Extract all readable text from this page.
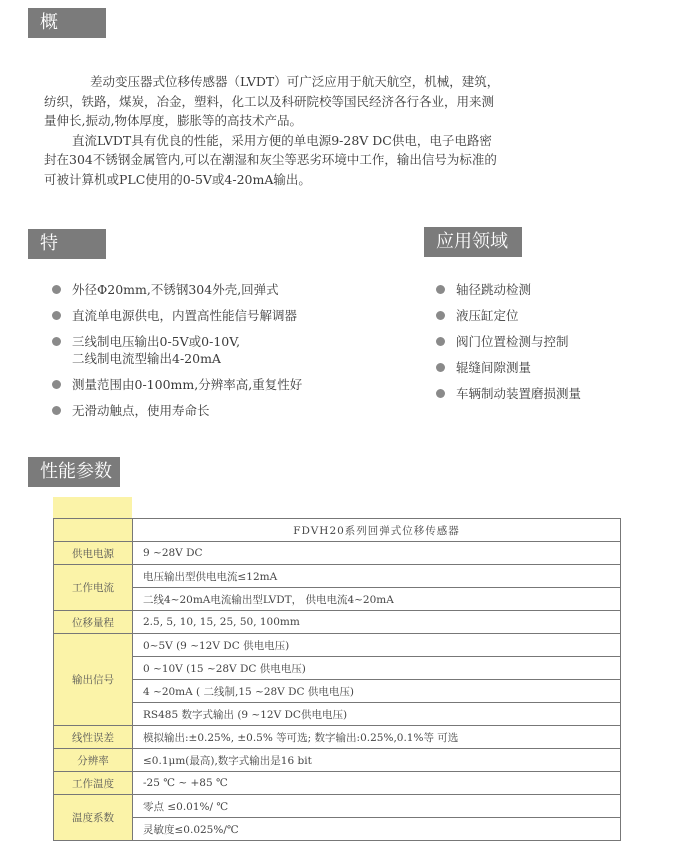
概述

差动变压器式位移传感器（LVDT）可广泛应用于航天航空，机械，建筑，纺织，铁路，煤炭，冶金，塑料，化工以及科研院校等国民经济各行各业，用来测量伸长,振动,物体厚度，膨胀等的高技术产品。

直流LVDT具有优良的性能，采用方便的单电源9-28V DC供电，电子电路密封在304不锈钢金属管内,可以在潮湿和灰尘等恶劣环境中工作，输出信号为标准的可被计算机或PLC使用的0-5V或4-20mA输出。

特点
外径Φ20mm,不锈钢304外壳,回弹式
直流单电源供电，内置高性能信号解调器
三线制电压输出0-5V或0-10V,
二线制电流型输出4-20mA
测量范围由0-100mm,分辨率高,重复性好
无滑动触点，使用寿命长
应用领域
轴径跳动检测
液压缸定位
阀门位置检测与控制
辊缝间隙测量
车辆制动装置磨损测量
性能参数
	FDVH20系列回弹式位移传感器
供电电源	9 ~28V DC
工作电流	电压输出型供电电流≤12mA
	二线4~20mA电流输出型LVDT， 供电电流4~20mA
位移量程	2.5, 5, 10, 15, 25, 50, 100mm
输出信号	0~5V (9 ~12V DC 供电电压)
	0 ~10V (15 ~28V DC 供电电压)
	4 ~20mA ( 二线制,15 ~28V DC 供电电压)
	RS485 数字式输出 (9 ~12V DC供电电压)
线性误差	模拟输出:±0.25%, ±0.5% 等可选; 数字输出:0.25%,0.1%等 可选
分辨率	≤0.1μm(最高),数字式输出是16 bit
工作温度	-25 ℃ ~ +85 ℃
温度系数	零点 ≤0.01%/ ℃
	灵敏度≤0.025%/℃
